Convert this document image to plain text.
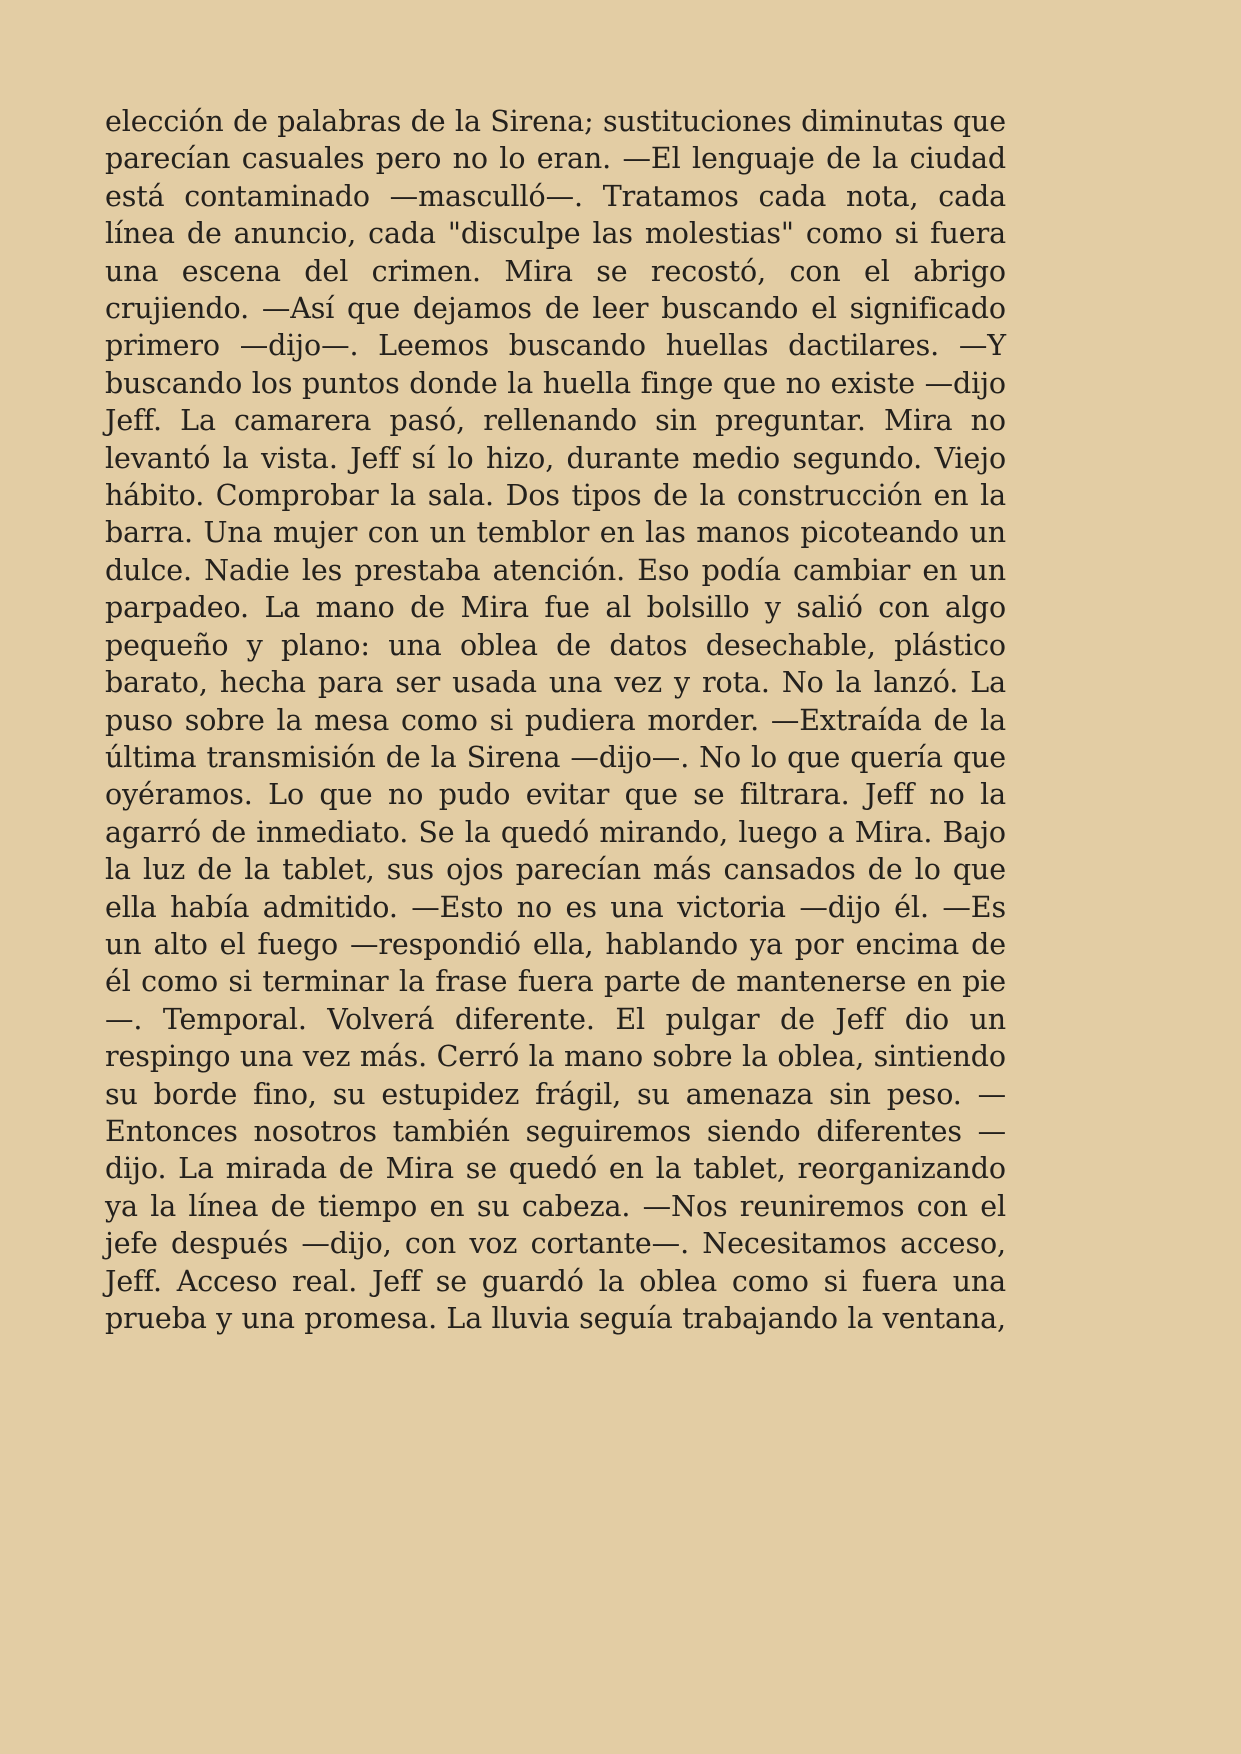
elección de palabras de la Sirena; sustituciones diminutas que parecían casuales pero no lo eran. —El lenguaje de la ciudad está contaminado —masculló—. Tratamos cada nota, cada línea de anuncio, cada "disculpe las molestias" como si fuera una escena del crimen. Mira se recostó, con el abrigo crujiendo. —Así que dejamos de leer buscando el significado primero —dijo—. Leemos buscando huellas dactilares. —Y buscando los puntos donde la huella finge que no existe —dijo Jeff. La camarera pasó, rellenando sin preguntar. Mira no levantó la vista. Jeff sí lo hizo, durante medio segundo. Viejo hábito. Comprobar la sala. Dos tipos de la construcción en la barra. Una mujer con un temblor en las manos picoteando un dulce. Nadie les prestaba atención. Eso podía cambiar en un parpadeo. La mano de Mira fue al bolsillo y salió con algo pequeño y plano: una oblea de datos desechable, plástico barato, hecha para ser usada una vez y rota. No la lanzó. La puso sobre la mesa como si pudiera morder. —Extraída de la última transmisión de la Sirena —dijo—. No lo que quería que oyéramos. Lo que no pudo evitar que se filtrara. Jeff no la agarró de inmediato. Se la quedó mirando, luego a Mira. Bajo la luz de la tablet, sus ojos parecían más cansados de lo que ella había admitido. —Esto no es una victoria —dijo él. —Es un alto el fuego —respondió ella, hablando ya por encima de él como si terminar la frase fuera parte de mantenerse en pie—. Temporal. Volverá diferente. El pulgar de Jeff dio un respingo una vez más. Cerró la mano sobre la oblea, sintiendo su borde fino, su estupidez frágil, su amenaza sin peso. —Entonces nosotros también seguiremos siendo diferentes —dijo. La mirada de Mira se quedó en la tablet, reorganizando ya la línea de tiempo en su cabeza. —Nos reuniremos con el jefe después —dijo, con voz cortante—. Necesitamos acceso, Jeff. Acceso real. Jeff se guardó la oblea como si fuera una prueba y una promesa. La lluvia seguía trabajando la ventana,
